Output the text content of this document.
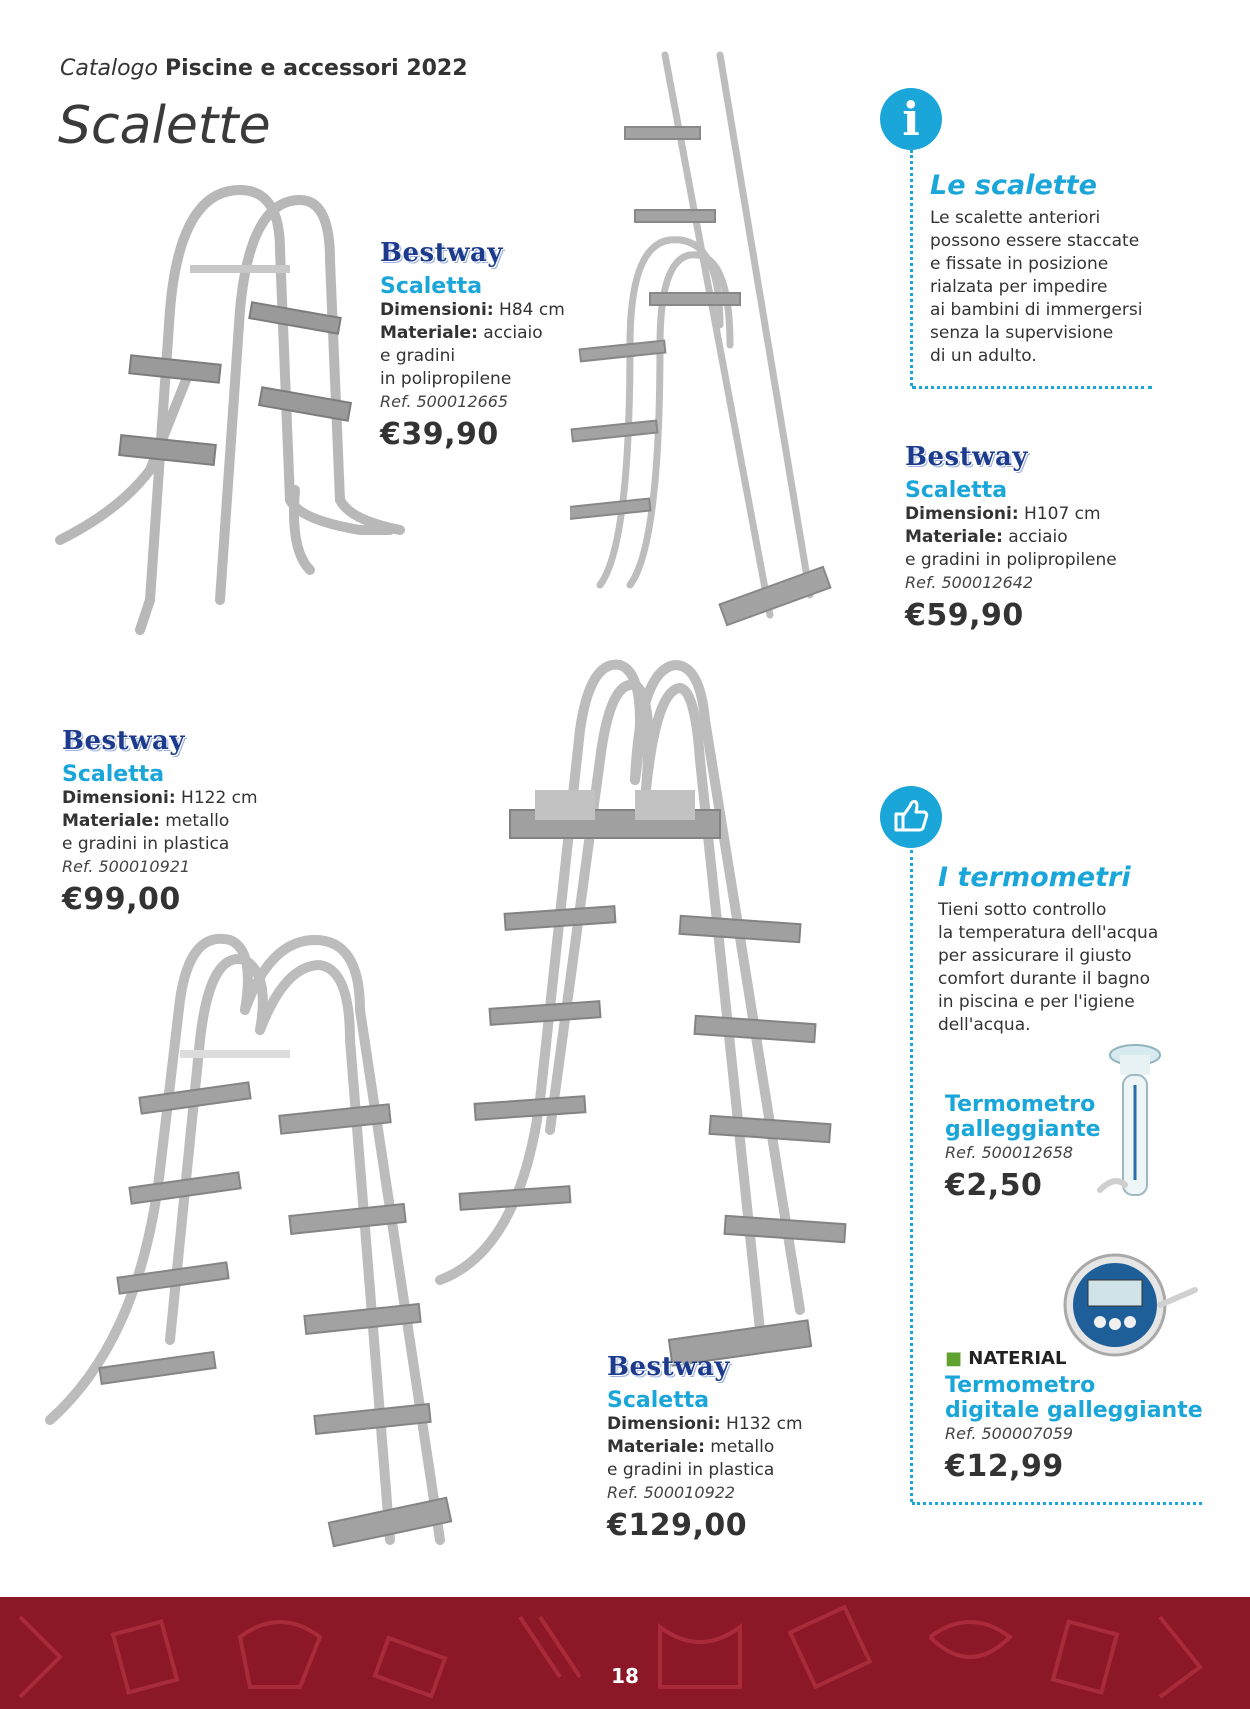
Catalogo Piscine e accessori 2022
Scalette
Bestway
Scaletta
Dimensioni: H84 cm
Materiale: acciaio
e gradini
in polipropilene
Ref. 500012665
€39,90
i
Le scalette
Le scalette anteriori
possono essere staccate
e fissate in posizione
rialzata per impedire
ai bambini di immergersi
senza la supervisione
di un adulto.
Bestway
Scaletta
Dimensioni: H107 cm
Materiale: acciaio
e gradini in polipropilene
Ref. 500012642
€59,90
Bestway
Scaletta
Dimensioni: H122 cm
Materiale: metallo
e gradini in plastica
Ref. 500010921
€99,00
Bestway
Scaletta
Dimensioni: H132 cm
Materiale: metallo
e gradini in plastica
Ref. 500010922
€129,00
I termometri
Tieni sotto controllo
la temperatura dell'acqua
per assicurare il giusto
comfort durante il bagno
in piscina e per l'igiene
dell'acqua.
Termometro
galleggiante
Ref. 500012658
€2,50
■ NATERIAL
Termometro
digitale galleggiante
Ref. 500007059
€12,99
18
